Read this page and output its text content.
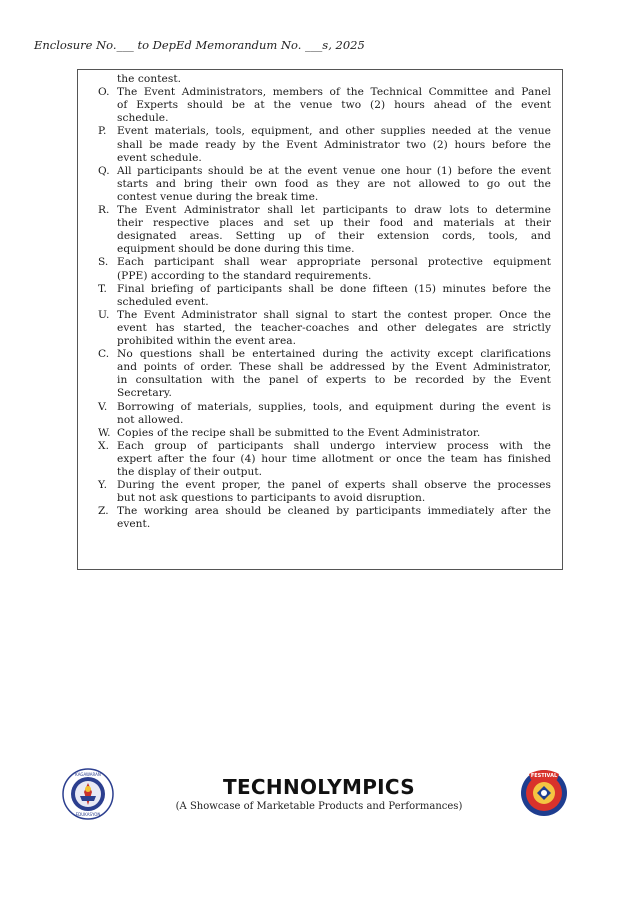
Enclosure No.___ to DepEd Memorandum No. ___s, 2025
the contest.
O. The Event Administrators, members of the Technical Committee and Panel
of Experts should be at the venue two (2) hours ahead of the event
schedule.
P. Event materials, tools, equipment, and other supplies needed at the venue
shall be made ready by the Event Administrator two (2) hours before the
event schedule.
Q. All participants should be at the event venue one hour (1) before the event
starts and bring their own food as they are not allowed to go out the
contest venue during the break time.
R. The Event Administrator shall let participants to draw lots to determine
their respective places and set up their food and materials at their
designated areas. Setting up of their extension cords, tools, and
equipment should be done during this time.
S. Each participant shall wear appropriate personal protective equipment
(PPE) according to the standard requirements.
T. Final briefing of participants shall be done fifteen (15) minutes before the
scheduled event.
U. The Event Administrator shall signal to start the contest proper. Once the
event has started, the teacher-coaches and other delegates are strictly
prohibited within the event area.
C. No questions shall be entertained during the activity except clarifications
and points of order. These shall be addressed by the Event Administrator,
in consultation with the panel of experts to be recorded by the Event
Secretary.
V. Borrowing of materials, supplies, tools, and equipment during the event is
not allowed.
W. Copies of the recipe shall be submitted to the Event Administrator.
X. Each group of participants shall undergo interview process with the
expert after the four (4) hour time allotment or once the team has finished
the display of their output.
Y. During the event proper, the panel of experts shall observe the processes
but not ask questions to participants to avoid disruption.
Z. The working area should be cleaned by participants immediately after the
event.
KAGAWARAN
EDUKASYON
TECHNOLYMPICS
(A Showcase of Marketable Products and Performances)
FESTIVAL
